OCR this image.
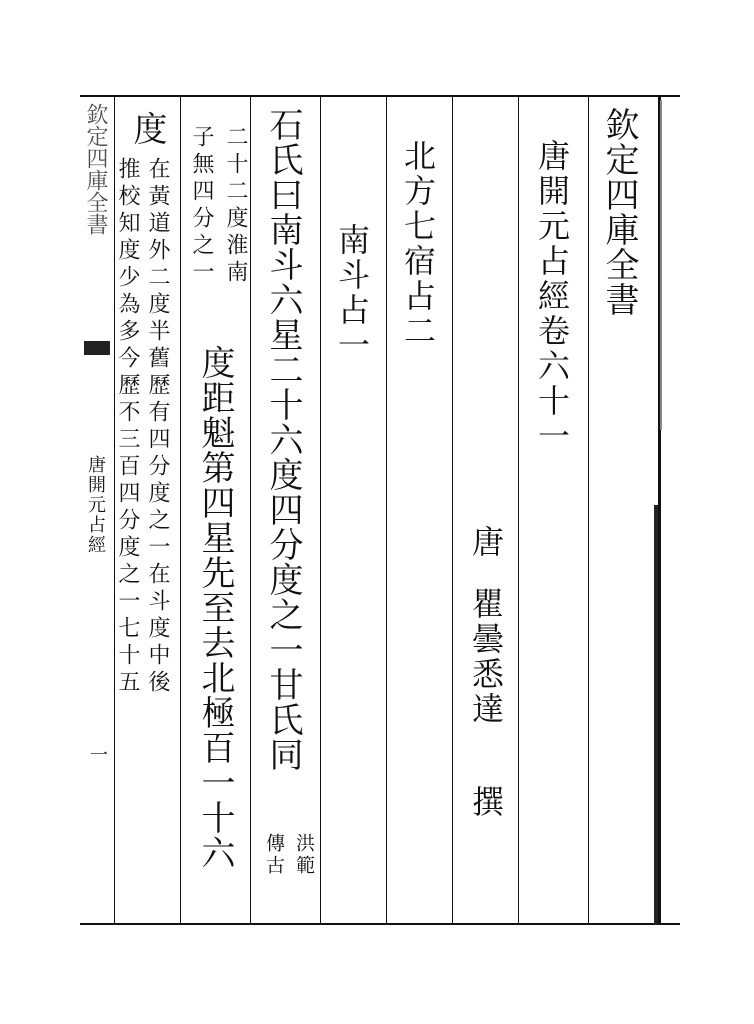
欽定四庫全書
唐開元占經卷六十一
唐
瞿曇悉達
撰
北方七宿占二
南斗占一
石氏曰南斗六星二十六度四分度之一甘氏同
洪範
傳古
二十二度淮南
子無四分之一
度距魁第四星先至去北極百一十六
度
在黃道外二度半舊歷有四分度之一在斗度中後
推校知度少為多今歷不三百四分度之一七十五
欽定四庫全書
唐開元占經
一
